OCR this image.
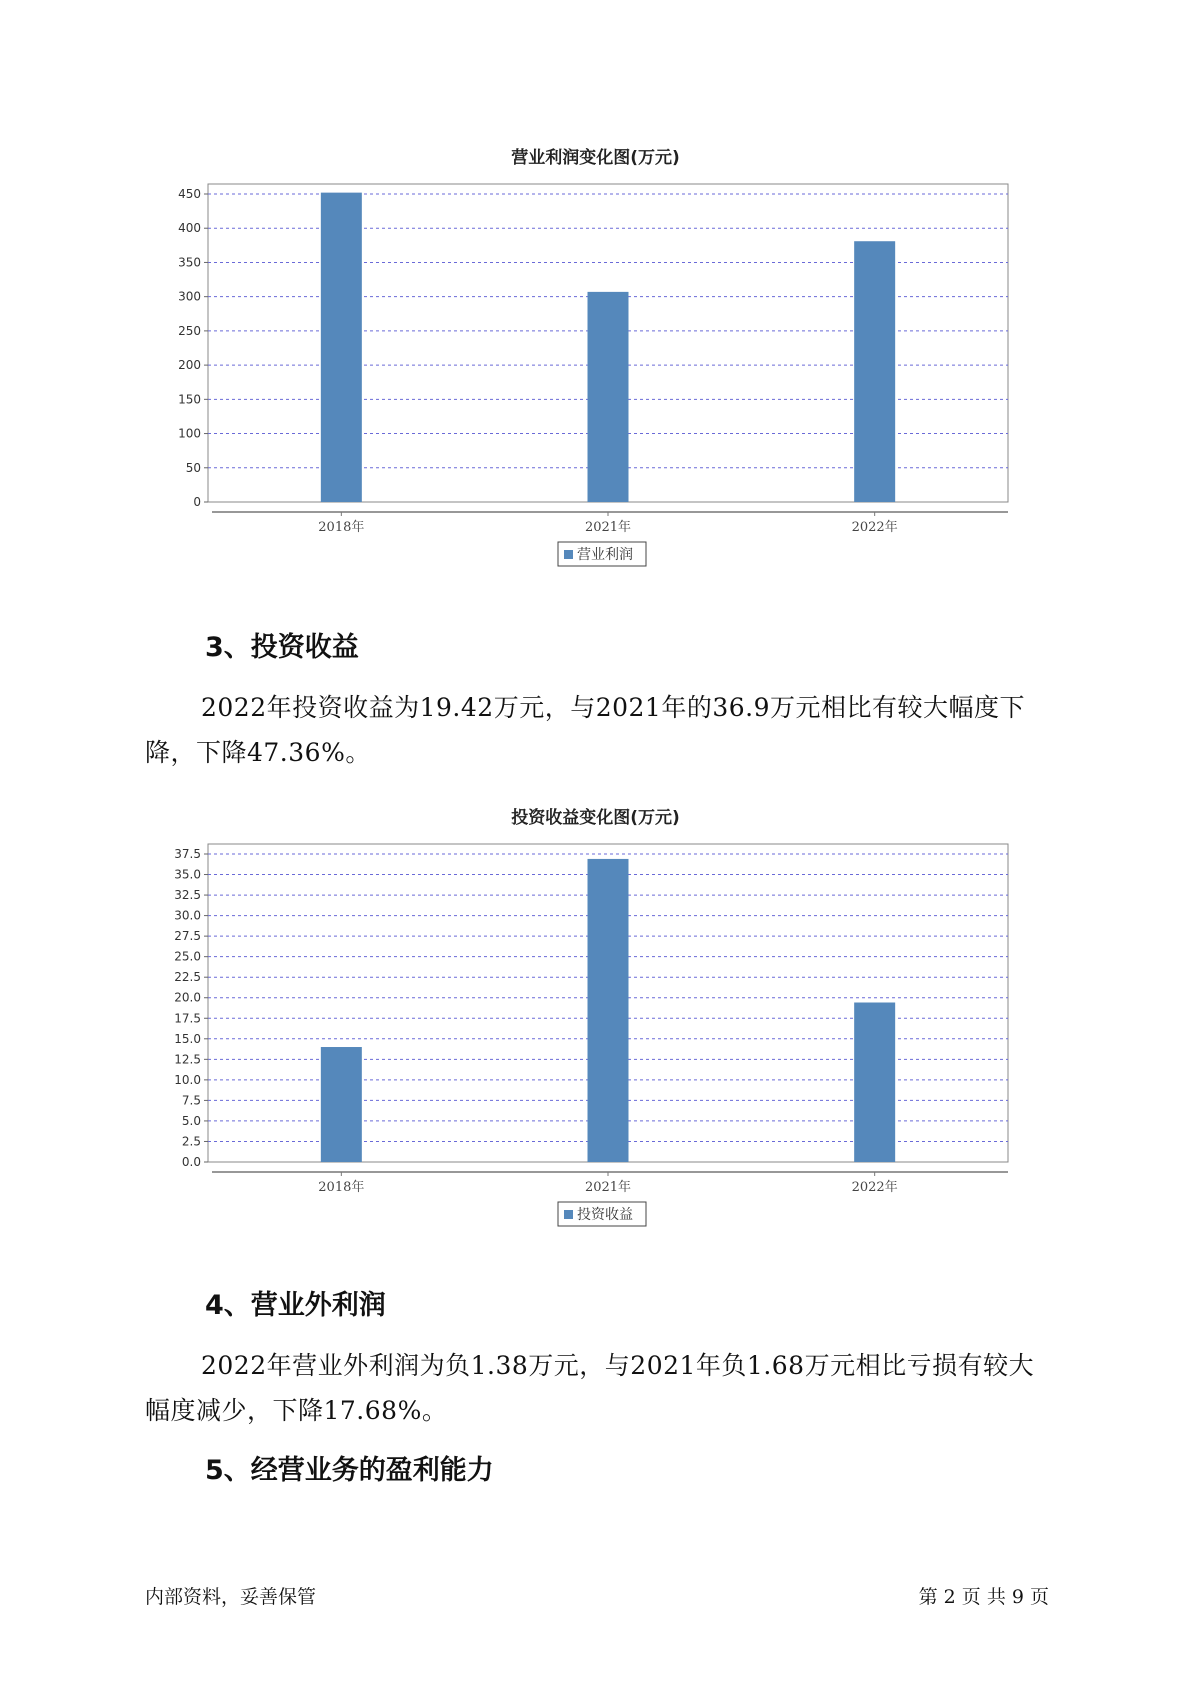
营业利润变化图(万元)
0
50
100
150
200
250
300
350
400
450
2018年	2021年	2022年
营业利润
3、投资收益

2022年投资收益为19.42万元，与2021年的36.9万元相比有较大幅度下降，下降47.36%。

投资收益变化图(万元)
0.0
2.5
5.0
7.5
10.0
12.5
15.0
17.5
20.0
22.5
25.0
27.5
30.0
32.5
35.0
37.5
2018年	2021年	2022年
投资收益
4、营业外利润

2022年营业外利润为负1.38万元，与2021年负1.68万元相比亏损有较大幅度减少，下降17.68%。

5、经营业务的盈利能力
内部资料，妥善保管	第 2 页 共 9 页
